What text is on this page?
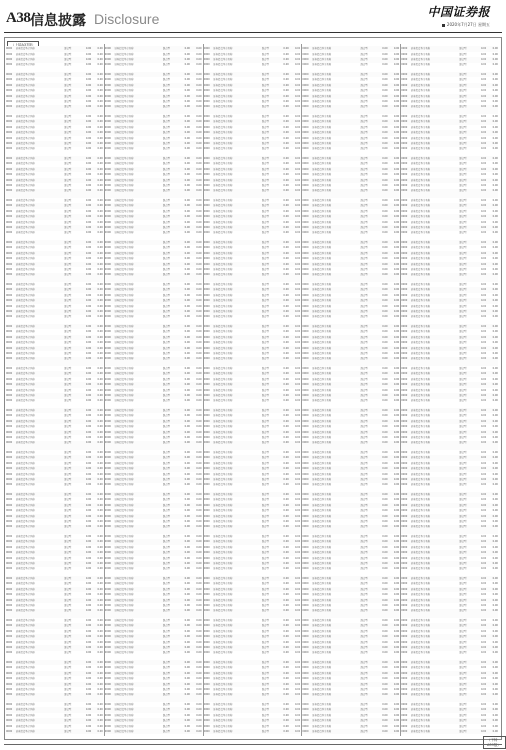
A38 信息披露 Disclosure	中国证券报
2020年7月27日 星期五
（上接A37版）
0000	证券投资基金名称	混合型	0.00	0.00
0000	证券投资基金名称	混合型	0.00	0.00
0000	证券投资基金名称	混合型	0.00	0.00
0000	证券投资基金名称	混合型	0.00	0.00
0000	证券投资基金名称	混合型	0.00	0.00
0000	证券投资基金名称	混合型	0.00	0.00
0000	证券投资基金名称	混合型	0.00	0.00
0000	证券投资基金名称	混合型	0.00	0.00
0000	证券投资基金名称	混合型	0.00	0.00
0000	证券投资基金名称	混合型	0.00	0.00
0000	证券投资基金名称	混合型	0.00	0.00
0000	证券投资基金名称	混合型	0.00	0.00
0000	证券投资基金名称	混合型	0.00	0.00
0000	证券投资基金名称	混合型	0.00	0.00
0000	证券投资基金名称	混合型	0.00	0.00
0000	证券投资基金名称	混合型	0.00	0.00
0000	证券投资基金名称	混合型	0.00	0.00
0000	证券投资基金名称	混合型	0.00	0.00
0000	证券投资基金名称	混合型	0.00	0.00
0000	证券投资基金名称	混合型	0.00	0.00
0000	证券投资基金名称	混合型	0.00	0.00
0000	证券投资基金名称	混合型	0.00	0.00
0000	证券投资基金名称	混合型	0.00	0.00
0000	证券投资基金名称	混合型	0.00	0.00
0000	证券投资基金名称	混合型	0.00	0.00
0000	证券投资基金名称	混合型	0.00	0.00
0000	证券投资基金名称	混合型	0.00	0.00
0000	证券投资基金名称	混合型	0.00	0.00
0000	证券投资基金名称	混合型	0.00	0.00
0000	证券投资基金名称	混合型	0.00	0.00
0000	证券投资基金名称	混合型	0.00	0.00
0000	证券投资基金名称	混合型	0.00	0.00
0000	证券投资基金名称	混合型	0.00	0.00
0000	证券投资基金名称	混合型	0.00	0.00
0000	证券投资基金名称	混合型	0.00	0.00
0000	证券投资基金名称	混合型	0.00	0.00
0000	证券投资基金名称	混合型	0.00	0.00
0000	证券投资基金名称	混合型	0.00	0.00
0000	证券投资基金名称	混合型	0.00	0.00
0000	证券投资基金名称	混合型	0.00	0.00
0000	证券投资基金名称	混合型	0.00	0.00
0000	证券投资基金名称	混合型	0.00	0.00
0000	证券投资基金名称	混合型	0.00	0.00
0000	证券投资基金名称	混合型	0.00	0.00
0000	证券投资基金名称	混合型	0.00	0.00
0000	证券投资基金名称	混合型	0.00	0.00
0000	证券投资基金名称	混合型	0.00	0.00
0000	证券投资基金名称	混合型	0.00	0.00
0000	证券投资基金名称	混合型	0.00	0.00
0000	证券投资基金名称	混合型	0.00	0.00
0000	证券投资基金名称	混合型	0.00	0.00
0000	证券投资基金名称	混合型	0.00	0.00
0000	证券投资基金名称	混合型	0.00	0.00
0000	证券投资基金名称	混合型	0.00	0.00
0000	证券投资基金名称	混合型	0.00	0.00
0000	证券投资基金名称	混合型	0.00	0.00
0000	证券投资基金名称	混合型	0.00	0.00
0000	证券投资基金名称	混合型	0.00	0.00
0000	证券投资基金名称	混合型	0.00	0.00
0000	证券投资基金名称	混合型	0.00	0.00
0000	证券投资基金名称	混合型	0.00	0.00
0000	证券投资基金名称	混合型	0.00	0.00
0000	证券投资基金名称	混合型	0.00	0.00
0000	证券投资基金名称	混合型	0.00	0.00
0000	证券投资基金名称	混合型	0.00	0.00
0000	证券投资基金名称	混合型	0.00	0.00
0000	证券投资基金名称	混合型	0.00	0.00
0000	证券投资基金名称	混合型	0.00	0.00
0000	证券投资基金名称	混合型	0.00	0.00
0000	证券投资基金名称	混合型	0.00	0.00
0000	证券投资基金名称	混合型	0.00	0.00
0000	证券投资基金名称	混合型	0.00	0.00
0000	证券投资基金名称	混合型	0.00	0.00
0000	证券投资基金名称	混合型	0.00	0.00
0000	证券投资基金名称	混合型	0.00	0.00
0000	证券投资基金名称	混合型	0.00	0.00
0000	证券投资基金名称	混合型	0.00	0.00
0000	证券投资基金名称	混合型	0.00	0.00
0000	证券投资基金名称	混合型	0.00	0.00
0000	证券投资基金名称	混合型	0.00	0.00
0000	证券投资基金名称	混合型	0.00	0.00
0000	证券投资基金名称	混合型	0.00	0.00
0000	证券投资基金名称	混合型	0.00	0.00
0000	证券投资基金名称	混合型	0.00	0.00
0000	证券投资基金名称	混合型	0.00	0.00
0000	证券投资基金名称	混合型	0.00	0.00
0000	证券投资基金名称	混合型	0.00	0.00
0000	证券投资基金名称	混合型	0.00	0.00
0000	证券投资基金名称	混合型	0.00	0.00
0000	证券投资基金名称	混合型	0.00	0.00
0000	证券投资基金名称	混合型	0.00	0.00
0000	证券投资基金名称	混合型	0.00	0.00
0000	证券投资基金名称	混合型	0.00	0.00
0000	证券投资基金名称	混合型	0.00	0.00
0000	证券投资基金名称	混合型	0.00	0.00
0000	证券投资基金名称	混合型	0.00	0.00
0000	证券投资基金名称	混合型	0.00	0.00
0000	证券投资基金名称	混合型	0.00	0.00
0000	证券投资基金名称	混合型	0.00	0.00
0000	证券投资基金名称	混合型	0.00	0.00
0000	证券投资基金名称	混合型	0.00	0.00
0000	证券投资基金名称	混合型	0.00	0.00
0000	证券投资基金名称	混合型	0.00	0.00
0000	证券投资基金名称	混合型	0.00	0.00
0000	证券投资基金名称	混合型	0.00	0.00
0000	证券投资基金名称	混合型	0.00	0.00
0000	证券投资基金名称	混合型	0.00	0.00
0000	证券投资基金名称	混合型	0.00	0.00
0000	证券投资基金名称	混合型	0.00	0.00
0000	证券投资基金名称	混合型	0.00	0.00
0000	证券投资基金名称	混合型	0.00	0.00
0000	证券投资基金名称	混合型	0.00	0.00
0000	证券投资基金名称	混合型	0.00	0.00
0000	证券投资基金名称	混合型	0.00	0.00
0000	证券投资基金名称	混合型	0.00	0.00
0000	证券投资基金名称	混合型	0.00	0.00
0000	证券投资基金名称	混合型	0.00	0.00
0000	证券投资基金名称	混合型	0.00	0.00
0000	证券投资基金名称	混合型	0.00	0.00
0000	证券投资基金名称	混合型	0.00	0.00
0000	证券投资基金名称	混合型	0.00	0.00
0000	证券投资基金名称	混合型	0.00	0.00
0000	证券投资基金名称	混合型	0.00	0.00
0000	证券投资基金名称	混合型	0.00	0.00
0000	证券投资基金名称	混合型	0.00	0.00
0000	证券投资基金名称	混合型	0.00	0.00
0000	证券投资基金名称	混合型	0.00	0.00
0000	证券投资基金名称	混合型	0.00	0.00
0000	证券投资基金名称	混合型	0.00	0.00
0000	证券投资基金名称	混合型	0.00	0.00
0000	证券投资基金名称	混合型	0.00	0.00
0000	证券投资基金名称	混合型	0.00	0.00
0000	证券投资基金名称	混合型	0.00	0.00
0000	证券投资基金名称	混合型	0.00	0.00
0000	证券投资基金名称	混合型	0.00	0.00
0000	证券投资基金名称	混合型	0.00	0.00
0000	证券投资基金名称	混合型	0.00	0.00
0000	证券投资基金名称	混合型	0.00	0.00
0000	证券投资基金名称	混合型	0.00	0.00
0000	证券投资基金名称	混合型	0.00	0.00
0000	证券投资基金名称	混合型	0.00	0.00
0000	证券投资基金名称	混合型	0.00	0.00
0000	证券投资基金名称	混合型	0.00	0.00
0000	证券投资基金名称	混合型	0.00	0.00
0000	证券投资基金名称	混合型	0.00	0.00
0000	证券投资基金名称	混合型	0.00	0.00
0000	证券投资基金名称	混合型	0.00	0.00
0000	证券投资基金名称	混合型	0.00	0.00
0000	证券投资基金名称	混合型	0.00	0.00
0000	证券投资基金名称	混合型	0.00	0.00
0000	证券投资基金名称	混合型	0.00	0.00
0000	证券投资基金名称	混合型	0.00	0.00
0000	证券投资基金名称	混合型	0.00	0.00
0000	证券投资基金名称	混合型	0.00	0.00
0000	证券投资基金名称	混合型	0.00	0.00
0000	证券投资基金名称	混合型	0.00	0.00
0000	证券投资基金名称	混合型	0.00	0.00
0000	证券投资基金名称	混合型	0.00	0.00
0000	证券投资基金名称	混合型	0.00	0.00
0000	证券投资基金名称	混合型	0.00	0.00
0000	证券投资基金名称	混合型	0.00	0.00
0000	证券投资基金名称	混合型	0.00	0.00
0000	证券投资基金名称	混合型	0.00	0.00
0000	证券投资基金名称	混合型	0.00	0.00
0000	证券投资基金名称	混合型	0.00	0.00
0000	证券投资基金名称	混合型	0.00	0.00
0000	证券投资基金名称	混合型	0.00	0.00
0000	证券投资基金名称	混合型	0.00	0.00
0000	证券投资基金名称	混合型	0.00	0.00
0000	证券投资基金名称	混合型	0.00	0.00
0000	证券投资基金名称	混合型	0.00	0.00
0000	证券投资基金名称	混合型	0.00	0.00
0000	证券投资基金名称	混合型	0.00	0.00
0000	证券投资基金名称	混合型	0.00	0.00
0000	证券投资基金名称	混合型	0.00	0.00
0000	证券投资基金名称	混合型	0.00	0.00
0000	证券投资基金名称	混合型	0.00	0.00
0000	证券投资基金名称	混合型	0.00	0.00
0000	证券投资基金名称	混合型	0.00	0.00
0000	证券投资基金名称	混合型	0.00	0.00
0000	证券投资基金名称	混合型	0.00	0.00
0000	证券投资基金名称	混合型	0.00	0.00
0000	证券投资基金名称	混合型	0.00	0.00
0000	证券投资基金名称	混合型	0.00	0.00
0000	证券投资基金名称	混合型	0.00	0.00
0000	证券投资基金名称	混合型	0.00	0.00
0000	证券投资基金名称	混合型	0.00	0.00
0000	证券投资基金名称	混合型	0.00	0.00
0000	证券投资基金名称	混合型	0.00	0.00
0000	证券投资基金名称	混合型	0.00	0.00
0000	证券投资基金名称	混合型	0.00	0.00
0000	证券投资基金名称	混合型	0.00	0.00
0000	证券投资基金名称	混合型	0.00	0.00
0000	证券投资基金名称	混合型	0.00	0.00
0000	证券投资基金名称	混合型	0.00	0.00
0000	证券投资基金名称	混合型	0.00	0.00
0000	证券投资基金名称	混合型	0.00	0.00
0000	证券投资基金名称	混合型	0.00	0.00
0000	证券投资基金名称	混合型	0.00	0.00
0000	证券投资基金名称	混合型	0.00	0.00
0000	证券投资基金名称	混合型	0.00	0.00
0000	证券投资基金名称	混合型	0.00	0.00
0000	证券投资基金名称	混合型	0.00	0.00
0000	证券投资基金名称	混合型	0.00	0.00
0000	证券投资基金名称	混合型	0.00	0.00
0000	证券投资基金名称	混合型	0.00	0.00
0000	证券投资基金名称	混合型	0.00	0.00
0000	证券投资基金名称	混合型	0.00	0.00
0000	证券投资基金名称	混合型	0.00	0.00
0000	证券投资基金名称	混合型	0.00	0.00
0000	证券投资基金名称	混合型	0.00	0.00
0000	证券投资基金名称	混合型	0.00	0.00
0000	证券投资基金名称	混合型	0.00	0.00
0000	证券投资基金名称	混合型	0.00	0.00
0000	证券投资基金名称	混合型	0.00	0.00
0000	证券投资基金名称	混合型	0.00	0.00
0000	证券投资基金名称	混合型	0.00	0.00
0000	证券投资基金名称	混合型	0.00	0.00
0000	证券投资基金名称	混合型	0.00	0.00
0000	证券投资基金名称	混合型	0.00	0.00
0000	证券投资基金名称	混合型	0.00	0.00
0000	证券投资基金名称	混合型	0.00	0.00
0000	证券投资基金名称	混合型	0.00	0.00
0000	证券投资基金名称	混合型	0.00	0.00
0000	证券投资基金名称	混合型	0.00	0.00
0000	证券投资基金名称	混合型	0.00	0.00
0000	证券投资基金名称	混合型	0.00	0.00
0000	证券投资基金名称	混合型	0.00	0.00
0000	证券投资基金名称	混合型	0.00	0.00
0000	证券投资基金名称	混合型	0.00	0.00
0000	证券投资基金名称	混合型	0.00	0.00
0000	证券投资基金名称	混合型	0.00	0.00
0000	证券投资基金名称	混合型	0.00	0.00
0000	证券投资基金名称	混合型	0.00	0.00
0000	证券投资基金名称	混合型	0.00	0.00
0000	证券投资基金名称	混合型	0.00	0.00
0000	证券投资基金名称	混合型	0.00	0.00
0000	证券投资基金名称	混合型	0.00	0.00
0000	证券投资基金名称	混合型	0.00	0.00
0000	证券投资基金名称	混合型	0.00	0.00
0000	证券投资基金名称	混合型	0.00	0.00
0000	证券投资基金名称	混合型	0.00	0.00
0000	证券投资基金名称	混合型	0.00	0.00
0000	证券投资基金名称	混合型	0.00	0.00
0000	证券投资基金名称	混合型	0.00	0.00
0000	证券投资基金名称	混合型	0.00	0.00
0000	证券投资基金名称	混合型	0.00	0.00
0000	证券投资基金名称	混合型	0.00	0.00
0000	证券投资基金名称	混合型	0.00	0.00
0000	证券投资基金名称	混合型	0.00	0.00
0000	证券投资基金名称	混合型	0.00	0.00
0000	证券投资基金名称	混合型	0.00	0.00
0000	证券投资基金名称	混合型	0.00	0.00
0000	证券投资基金名称	混合型	0.00	0.00
0000	证券投资基金名称	混合型	0.00	0.00
0000	证券投资基金名称	混合型	0.00	0.00
0000	证券投资基金名称	混合型	0.00	0.00
0000	证券投资基金名称	混合型	0.00	0.00
0000	证券投资基金名称	混合型	0.00	0.00
0000	证券投资基金名称	混合型	0.00	0.00
0000	证券投资基金名称	混合型	0.00	0.00
0000	证券投资基金名称	混合型	0.00	0.00
0000	证券投资基金名称	混合型	0.00	0.00
0000	证券投资基金名称	混合型	0.00	0.00
0000	证券投资基金名称	混合型	0.00	0.00
0000	证券投资基金名称	混合型	0.00	0.00
0000	证券投资基金名称	混合型	0.00	0.00
0000	证券投资基金名称	混合型	0.00	0.00
0000	证券投资基金名称	混合型	0.00	0.00
0000	证券投资基金名称	混合型	0.00	0.00
0000	证券投资基金名称	混合型	0.00	0.00
0000	证券投资基金名称	混合型	0.00	0.00
0000	证券投资基金名称	混合型	0.00	0.00
0000	证券投资基金名称	混合型	0.00	0.00
0000	证券投资基金名称	混合型	0.00	0.00
0000	证券投资基金名称	混合型	0.00	0.00
0000	证券投资基金名称	混合型	0.00	0.00
0000	证券投资基金名称	混合型	0.00	0.00
0000	证券投资基金名称	混合型	0.00	0.00
0000	证券投资基金名称	混合型	0.00	0.00
0000	证券投资基金名称	混合型	0.00	0.00
0000	证券投资基金名称	混合型	0.00	0.00
0000	证券投资基金名称	混合型	0.00	0.00
0000	证券投资基金名称	混合型	0.00	0.00
0000	证券投资基金名称	混合型	0.00	0.00
0000	证券投资基金名称	混合型	0.00	0.00
0000	证券投资基金名称	混合型	0.00	0.00
0000	证券投资基金名称	混合型	0.00	0.00
0000	证券投资基金名称	混合型	0.00	0.00
0000	证券投资基金名称	混合型	0.00	0.00
0000	证券投资基金名称	混合型	0.00	0.00
0000	证券投资基金名称	混合型	0.00	0.00
0000	证券投资基金名称	混合型	0.00	0.00
0000	证券投资基金名称	混合型	0.00	0.00
0000	证券投资基金名称	混合型	0.00	0.00
0000	证券投资基金名称	混合型	0.00	0.00
0000	证券投资基金名称	混合型	0.00	0.00
0000	证券投资基金名称	混合型	0.00	0.00
0000	证券投资基金名称	混合型	0.00	0.00
0000	证券投资基金名称	混合型	0.00	0.00
0000	证券投资基金名称	混合型	0.00	0.00
0000	证券投资基金名称	混合型	0.00	0.00
0000	证券投资基金名称	混合型	0.00	0.00
0000	证券投资基金名称	混合型	0.00	0.00
0000	证券投资基金名称	混合型	0.00	0.00
0000	证券投资基金名称	混合型	0.00	0.00
0000	证券投资基金名称	混合型	0.00	0.00
0000	证券投资基金名称	混合型	0.00	0.00
0000	证券投资基金名称	混合型	0.00	0.00
0000	证券投资基金名称	混合型	0.00	0.00
0000	证券投资基金名称	混合型	0.00	0.00
0000	证券投资基金名称	混合型	0.00	0.00
0000	证券投资基金名称	混合型	0.00	0.00
0000	证券投资基金名称	混合型	0.00	0.00
0000	证券投资基金名称	混合型	0.00	0.00
0000	证券投资基金名称	混合型	0.00	0.00
0000	证券投资基金名称	混合型	0.00	0.00
0000	证券投资基金名称	混合型	0.00	0.00
0000	证券投资基金名称	混合型	0.00	0.00
0000	证券投资基金名称	混合型	0.00	0.00
0000	证券投资基金名称	混合型	0.00	0.00
0000	证券投资基金名称	混合型	0.00	0.00
0000	证券投资基金名称	混合型	0.00	0.00
0000	证券投资基金名称	混合型	0.00	0.00
0000	证券投资基金名称	混合型	0.00	0.00
0000	证券投资基金名称	混合型	0.00	0.00
0000	证券投资基金名称	混合型	0.00	0.00
0000	证券投资基金名称	混合型	0.00	0.00
0000	证券投资基金名称	混合型	0.00	0.00
0000	证券投资基金名称	混合型	0.00	0.00
0000	证券投资基金名称	混合型	0.00	0.00
0000	证券投资基金名称	混合型	0.00	0.00
0000	证券投资基金名称	混合型	0.00	0.00
0000	证券投资基金名称	混合型	0.00	0.00
0000	证券投资基金名称	混合型	0.00	0.00
0000	证券投资基金名称	混合型	0.00	0.00
0000	证券投资基金名称	混合型	0.00	0.00
0000	证券投资基金名称	混合型	0.00	0.00
0000	证券投资基金名称	混合型	0.00	0.00
0000	证券投资基金名称	混合型	0.00	0.00
0000	证券投资基金名称	混合型	0.00	0.00
0000	证券投资基金名称	混合型	0.00	0.00
0000	证券投资基金名称	混合型	0.00	0.00
0000	证券投资基金名称	混合型	0.00	0.00
0000	证券投资基金名称	混合型	0.00	0.00
0000	证券投资基金名称	混合型	0.00	0.00
0000	证券投资基金名称	混合型	0.00	0.00
0000	证券投资基金名称	混合型	0.00	0.00
0000	证券投资基金名称	混合型	0.00	0.00
0000	证券投资基金名称	混合型	0.00	0.00
0000	证券投资基金名称	混合型	0.00	0.00
0000	证券投资基金名称	混合型	0.00	0.00
0000	证券投资基金名称	混合型	0.00	0.00
0000	证券投资基金名称	混合型	0.00	0.00
0000	证券投资基金名称	混合型	0.00	0.00
0000	证券投资基金名称	混合型	0.00	0.00
0000	证券投资基金名称	混合型	0.00	0.00
0000	证券投资基金名称	混合型	0.00	0.00
0000	证券投资基金名称	混合型	0.00	0.00
0000	证券投资基金名称	混合型	0.00	0.00
0000	证券投资基金名称	混合型	0.00	0.00
0000	证券投资基金名称	混合型	0.00	0.00
0000	证券投资基金名称	混合型	0.00	0.00
0000	证券投资基金名称	混合型	0.00	0.00
0000	证券投资基金名称	混合型	0.00	0.00
0000	证券投资基金名称	混合型	0.00	0.00
0000	证券投资基金名称	混合型	0.00	0.00
0000	证券投资基金名称	混合型	0.00	0.00
0000	证券投资基金名称	混合型	0.00	0.00
0000	证券投资基金名称	混合型	0.00	0.00
0000	证券投资基金名称	混合型	0.00	0.00
0000	证券投资基金名称	混合型	0.00	0.00
0000	证券投资基金名称	混合型	0.00	0.00
0000	证券投资基金名称	混合型	0.00	0.00
0000	证券投资基金名称	混合型	0.00	0.00
0000	证券投资基金名称	混合型	0.00	0.00
0000	证券投资基金名称	混合型	0.00	0.00
0000	证券投资基金名称	混合型	0.00	0.00
0000	证券投资基金名称	混合型	0.00	0.00
0000	证券投资基金名称	混合型	0.00	0.00
0000	证券投资基金名称	混合型	0.00	0.00
0000	证券投资基金名称	混合型	0.00	0.00
0000	证券投资基金名称	混合型	0.00	0.00
0000	证券投资基金名称	混合型	0.00	0.00
0000	证券投资基金名称	混合型	0.00	0.00
0000	证券投资基金名称	混合型	0.00	0.00
0000	证券投资基金名称	混合型	0.00	0.00
0000	证券投资基金名称	混合型	0.00	0.00
0000	证券投资基金名称	混合型	0.00	0.00
0000	证券投资基金名称	混合型	0.00	0.00
0000	证券投资基金名称	混合型	0.00	0.00
0000	证券投资基金名称	混合型	0.00	0.00
0000	证券投资基金名称	混合型	0.00	0.00
0000	证券投资基金名称	混合型	0.00	0.00
0000	证券投资基金名称	混合型	0.00	0.00
0000	证券投资基金名称	混合型	0.00	0.00
0000	证券投资基金名称	混合型	0.00	0.00
0000	证券投资基金名称	混合型	0.00	0.00
0000	证券投资基金名称	混合型	0.00	0.00
0000	证券投资基金名称	混合型	0.00	0.00
0000	证券投资基金名称	混合型	0.00	0.00
0000	证券投资基金名称	混合型	0.00	0.00
0000	证券投资基金名称	混合型	0.00	0.00
0000	证券投资基金名称	混合型	0.00	0.00
0000	证券投资基金名称	混合型	0.00	0.00
0000	证券投资基金名称	混合型	0.00	0.00
0000	证券投资基金名称	混合型	0.00	0.00
0000	证券投资基金名称	混合型	0.00	0.00
0000	证券投资基金名称	混合型	0.00	0.00
0000	证券投资基金名称	混合型	0.00	0.00
0000	证券投资基金名称	混合型	0.00	0.00
0000	证券投资基金名称	混合型	0.00	0.00
0000	证券投资基金名称	混合型	0.00	0.00
0000	证券投资基金名称	混合型	0.00	0.00
0000	证券投资基金名称	混合型	0.00	0.00
0000	证券投资基金名称	混合型	0.00	0.00
0000	证券投资基金名称	混合型	0.00	0.00
0000	证券投资基金名称	混合型	0.00	0.00
0000	证券投资基金名称	混合型	0.00	0.00
0000	证券投资基金名称	混合型	0.00	0.00
0000	证券投资基金名称	混合型	0.00	0.00
0000	证券投资基金名称	混合型	0.00	0.00
0000	证券投资基金名称	混合型	0.00	0.00
0000	证券投资基金名称	混合型	0.00	0.00
0000	证券投资基金名称	混合型	0.00	0.00
0000	证券投资基金名称	混合型	0.00	0.00
0000	证券投资基金名称	混合型	0.00	0.00
0000	证券投资基金名称	混合型	0.00	0.00
0000	证券投资基金名称	混合型	0.00	0.00
0000	证券投资基金名称	混合型	0.00	0.00
0000	证券投资基金名称	混合型	0.00	0.00
0000	证券投资基金名称	混合型	0.00	0.00
0000	证券投资基金名称	混合型	0.00	0.00
0000	证券投资基金名称	混合型	0.00	0.00
0000	证券投资基金名称	混合型	0.00	0.00
0000	证券投资基金名称	混合型	0.00	0.00
0000	证券投资基金名称	混合型	0.00	0.00
0000	证券投资基金名称	混合型	0.00	0.00
0000	证券投资基金名称	混合型	0.00	0.00
0000	证券投资基金名称	混合型	0.00	0.00
0000	证券投资基金名称	混合型	0.00	0.00
0000	证券投资基金名称	混合型	0.00	0.00
0000	证券投资基金名称	混合型	0.00	0.00
0000	证券投资基金名称	混合型	0.00	0.00
0000	证券投资基金名称	混合型	0.00	0.00
0000	证券投资基金名称	混合型	0.00	0.00
0000	证券投资基金名称	混合型	0.00	0.00
0000	证券投资基金名称	混合型	0.00	0.00
0000	证券投资基金名称	混合型	0.00	0.00
0000	证券投资基金名称	混合型	0.00	0.00
0000	证券投资基金名称	混合型	0.00	0.00
0000	证券投资基金名称	混合型	0.00	0.00
0000	证券投资基金名称	混合型	0.00	0.00
0000	证券投资基金名称	混合型	0.00	0.00
0000	证券投资基金名称	混合型	0.00	0.00
0000	证券投资基金名称	混合型	0.00	0.00
0000	证券投资基金名称	混合型	0.00	0.00
0000	证券投资基金名称	混合型	0.00	0.00
0000	证券投资基金名称	混合型	0.00	0.00
0000	证券投资基金名称	混合型	0.00	0.00
0000	证券投资基金名称	混合型	0.00	0.00
0000	证券投资基金名称	混合型	0.00	0.00
0000	证券投资基金名称	混合型	0.00	0.00
0000	证券投资基金名称	混合型	0.00	0.00
0000	证券投资基金名称	混合型	0.00	0.00
0000	证券投资基金名称	混合型	0.00	0.00
0000	证券投资基金名称	混合型	0.00	0.00
0000	证券投资基金名称	混合型	0.00	0.00
0000	证券投资基金名称	混合型	0.00	0.00
0000	证券投资基金名称	混合型	0.00	0.00
0000	证券投资基金名称	混合型	0.00	0.00
0000	证券投资基金名称	混合型	0.00	0.00
0000	证券投资基金名称	混合型	0.00	0.00
0000	证券投资基金名称	混合型	0.00	0.00
0000	证券投资基金名称	混合型	0.00	0.00
0000	证券投资基金名称	混合型	0.00	0.00
0000	证券投资基金名称	混合型	0.00	0.00
0000	证券投资基金名称	混合型	0.00	0.00
0000	证券投资基金名称	混合型	0.00	0.00
0000	证券投资基金名称	混合型	0.00	0.00
0000	证券投资基金名称	混合型	0.00	0.00
0000	证券投资基金名称	混合型	0.00	0.00
0000	证券投资基金名称	混合型	0.00	0.00
0000	证券投资基金名称	混合型	0.00	0.00
0000	证券投资基金名称	混合型	0.00	0.00
0000	证券投资基金名称	混合型	0.00	0.00
0000	证券投资基金名称	混合型	0.00	0.00
0000	证券投资基金名称	混合型	0.00	0.00
0000	证券投资基金名称	混合型	0.00	0.00
0000	证券投资基金名称	混合型	0.00	0.00
0000	证券投资基金名称	混合型	0.00	0.00
0000	证券投资基金名称	混合型	0.00	0.00
0000	证券投资基金名称	混合型	0.00	0.00
0000	证券投资基金名称	混合型	0.00	0.00
0000	证券投资基金名称	混合型	0.00	0.00
0000	证券投资基金名称	混合型	0.00	0.00
0000	证券投资基金名称	混合型	0.00	0.00
0000	证券投资基金名称	混合型	0.00	0.00
0000	证券投资基金名称	混合型	0.00	0.00
0000	证券投资基金名称	混合型	0.00	0.00
0000	证券投资基金名称	混合型	0.00	0.00
0000	证券投资基金名称	混合型	0.00	0.00
0000	证券投资基金名称	混合型	0.00	0.00
0000	证券投资基金名称	混合型	0.00	0.00
0000	证券投资基金名称	混合型	0.00	0.00
0000	证券投资基金名称	混合型	0.00	0.00
0000	证券投资基金名称	混合型	0.00	0.00
0000	证券投资基金名称	混合型	0.00	0.00
0000	证券投资基金名称	混合型	0.00	0.00
0000	证券投资基金名称	混合型	0.00	0.00
0000	证券投资基金名称	混合型	0.00	0.00
0000	证券投资基金名称	混合型	0.00	0.00
0000	证券投资基金名称	混合型	0.00	0.00
0000	证券投资基金名称	混合型	0.00	0.00
0000	证券投资基金名称	混合型	0.00	0.00
0000	证券投资基金名称	混合型	0.00	0.00
0000	证券投资基金名称	混合型	0.00	0.00
0000	证券投资基金名称	混合型	0.00	0.00
0000	证券投资基金名称	混合型	0.00	0.00
0000	证券投资基金名称	混合型	0.00	0.00
0000	证券投资基金名称	混合型	0.00	0.00
0000	证券投资基金名称	混合型	0.00	0.00
0000	证券投资基金名称	混合型	0.00	0.00
0000	证券投资基金名称	混合型	0.00	0.00
0000	证券投资基金名称	混合型	0.00	0.00
0000	证券投资基金名称	混合型	0.00	0.00
0000	证券投资基金名称	混合型	0.00	0.00
0000	证券投资基金名称	混合型	0.00	0.00
0000	证券投资基金名称	混合型	0.00	0.00
0000	证券投资基金名称	混合型	0.00	0.00
0000	证券投资基金名称	混合型	0.00	0.00
0000	证券投资基金名称	混合型	0.00	0.00
0000	证券投资基金名称	混合型	0.00	0.00
0000	证券投资基金名称	混合型	0.00	0.00
0000	证券投资基金名称	混合型	0.00	0.00
0000	证券投资基金名称	混合型	0.00	0.00
0000	证券投资基金名称	混合型	0.00	0.00
0000	证券投资基金名称	混合型	0.00	0.00
0000	证券投资基金名称	混合型	0.00	0.00
0000	证券投资基金名称	混合型	0.00	0.00
0000	证券投资基金名称	混合型	0.00	0.00
0000	证券投资基金名称	混合型	0.00	0.00
0000	证券投资基金名称	混合型	0.00	0.00
0000	证券投资基金名称	混合型	0.00	0.00
0000	证券投资基金名称	混合型	0.00	0.00
0000	证券投资基金名称	混合型	0.00	0.00
0000	证券投资基金名称	混合型	0.00	0.00
0000	证券投资基金名称	混合型	0.00	0.00
0000	证券投资基金名称	混合型	0.00	0.00
0000	证券投资基金名称	混合型	0.00	0.00
0000	证券投资基金名称	混合型	0.00	0.00
0000	证券投资基金名称	混合型	0.00	0.00
0000	证券投资基金名称	混合型	0.00	0.00
0000	证券投资基金名称	混合型	0.00	0.00
0000	证券投资基金名称	混合型	0.00	0.00
0000	证券投资基金名称	混合型	0.00	0.00
0000	证券投资基金名称	混合型	0.00	0.00
0000	证券投资基金名称	混合型	0.00	0.00
0000	证券投资基金名称	混合型	0.00	0.00
0000	证券投资基金名称	混合型	0.00	0.00
0000	证券投资基金名称	混合型	0.00	0.00
0000	证券投资基金名称	混合型	0.00	0.00
0000	证券投资基金名称	混合型	0.00	0.00
0000	证券投资基金名称	混合型	0.00	0.00
0000	证券投资基金名称	混合型	0.00	0.00
0000	证券投资基金名称	混合型	0.00	0.00
0000	证券投资基金名称	混合型	0.00	0.00
0000	证券投资基金名称	混合型	0.00	0.00
0000	证券投资基金名称	混合型	0.00	0.00
0000	证券投资基金名称	混合型	0.00	0.00
0000	证券投资基金名称	混合型	0.00	0.00
0000	证券投资基金名称	混合型	0.00	0.00
0000	证券投资基金名称	混合型	0.00	0.00
0000	证券投资基金名称	混合型	0.00	0.00
0000	证券投资基金名称	混合型	0.00	0.00
（下转A39版）
